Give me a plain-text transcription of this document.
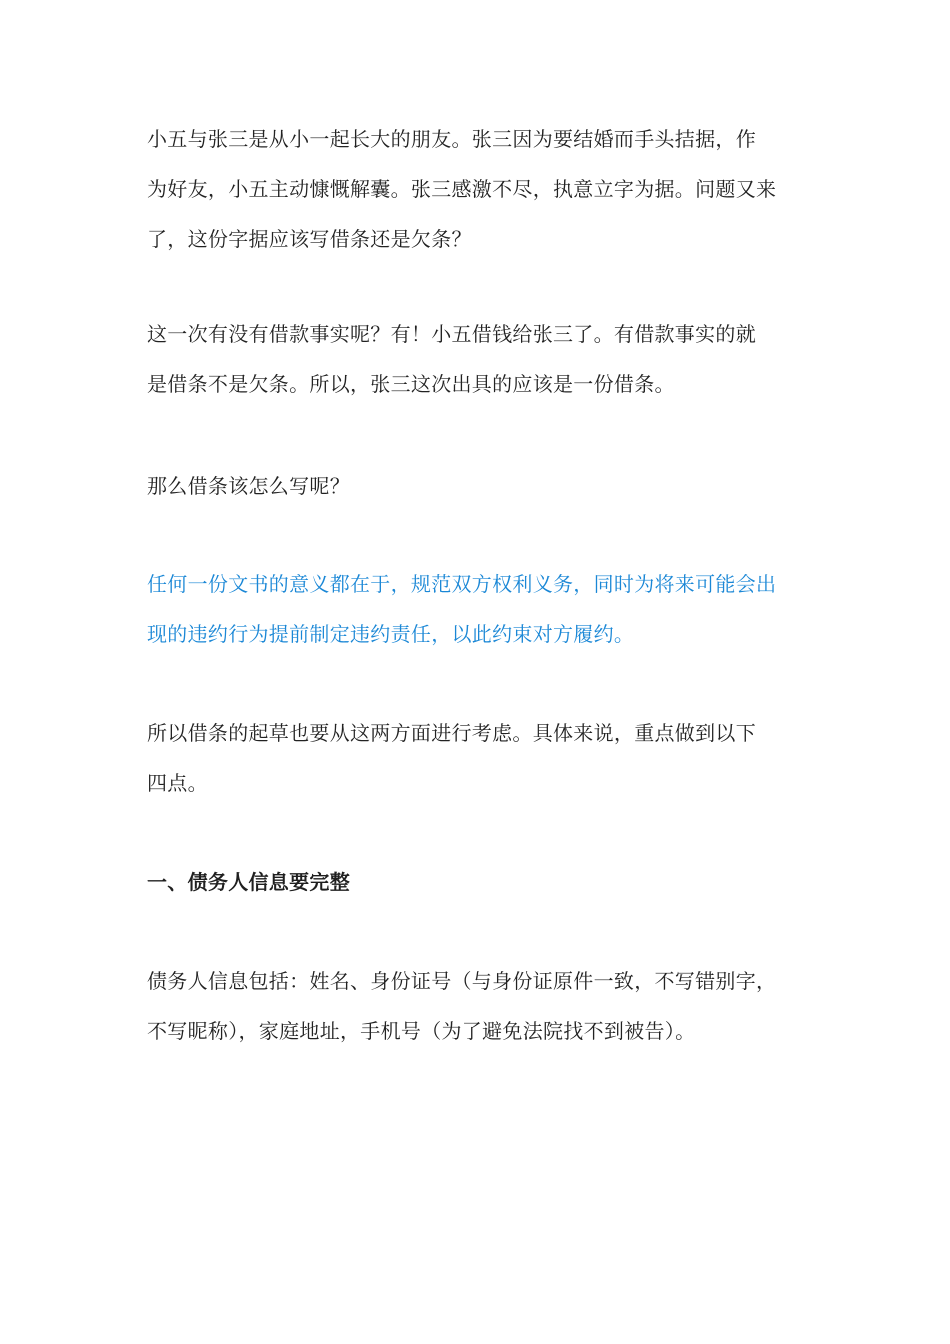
小五与张三是从小一起长大的朋友。张三因为要结婚而手头拮据，作
为好友，小五主动慷慨解囊。张三感激不尽，执意立字为据。问题又来
了，这份字据应该写借条还是欠条？
这一次有没有借款事实呢？有！小五借钱给张三了。有借款事实的就
是借条不是欠条。所以，张三这次出具的应该是一份借条。
那么借条该怎么写呢？
任何一份文书的意义都在于，规范双方权利义务，同时为将来可能会出
现的违约行为提前制定违约责任，以此约束对方履约。
所以借条的起草也要从这两方面进行考虑。具体来说，重点做到以下
四点。
一、债务人信息要完整
债务人信息包括：姓名、身份证号（与身份证原件一致，不写错别字，
不写昵称），家庭地址，手机号（为了避免法院找不到被告）。
